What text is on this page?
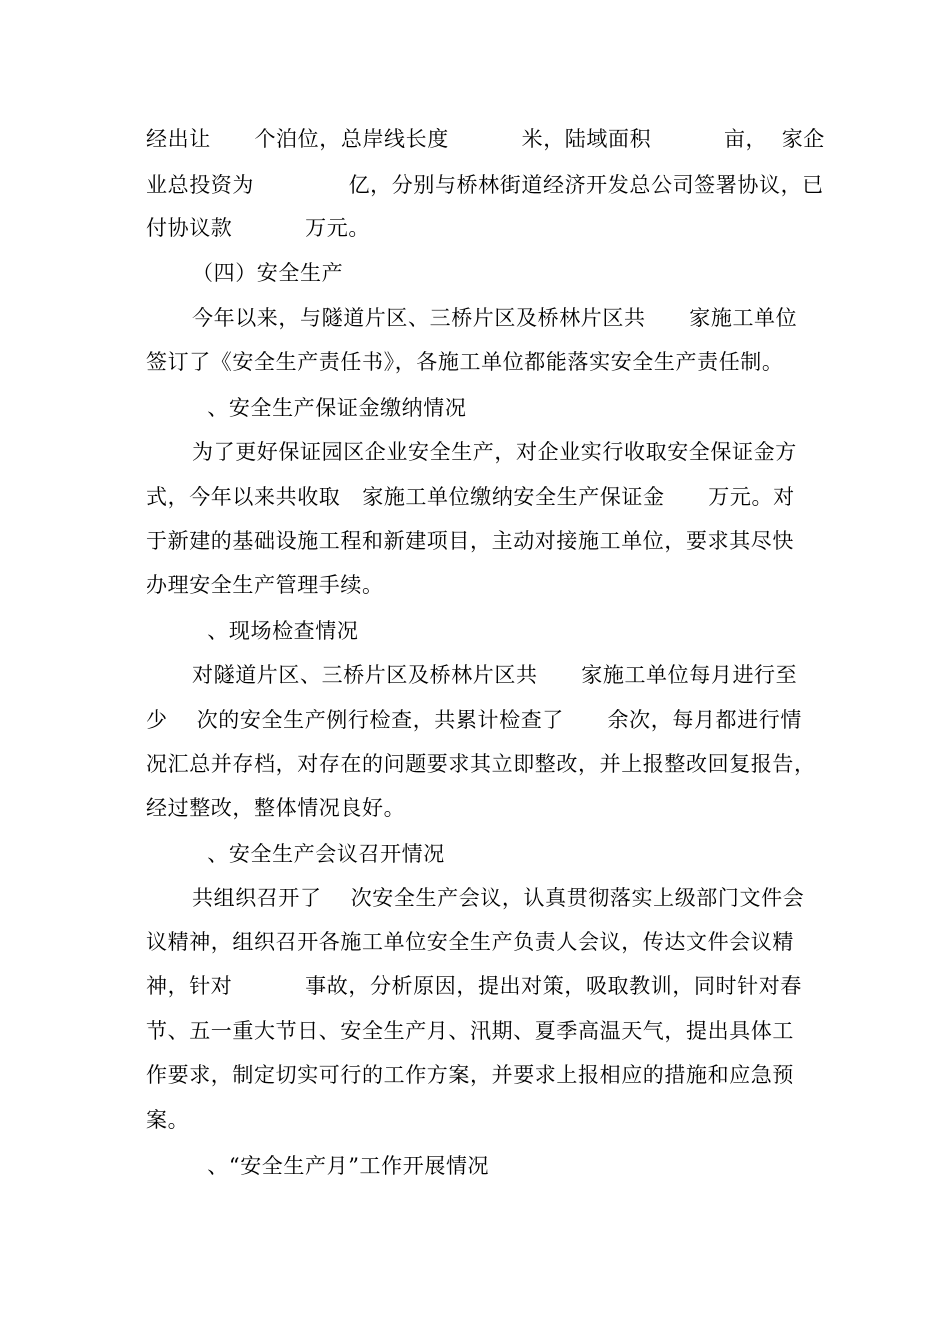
经出让      个泊位，总岸线长度          米，陆域面积          亩，  家企

业总投资为             亿，分别与桥林街道经济开发总公司签署协议，已

付协议款          万元。

（四）安全生产

今年以来，与隧道片区、三桥片区及桥林片区共      家施工单位

签订了《安全生产责任书》，各施工单位都能落实安全生产责任制。

、安全生产保证金缴纳情况

为了更好保证园区企业安全生产，对企业实行收取安全保证金方

式，今年以来共收取   家施工单位缴纳安全生产保证金      万元。对

于新建的基础设施工程和新建项目，主动对接施工单位，要求其尽快

办理安全生产管理手续。

、现场检查情况

对隧道片区、三桥片区及桥林片区共      家施工单位每月进行至

少    次的安全生产例行检查，共累计检查了      余次，每月都进行情

况汇总并存档，对存在的问题要求其立即整改，并上报整改回复报告，

经过整改，整体情况良好。

、安全生产会议召开情况

共组织召开了    次安全生产会议，认真贯彻落实上级部门文件会

议精神，组织召开各施工单位安全生产负责人会议，传达文件会议精

神，针对          事故，分析原因，提出对策，吸取教训，同时针对春

节、五一重大节日、安全生产月、汛期、夏季高温天气，提出具体工

作要求，制定切实可行的工作方案，并要求上报相应的措施和应急预

案。

、“安全生产月”工作开展情况
